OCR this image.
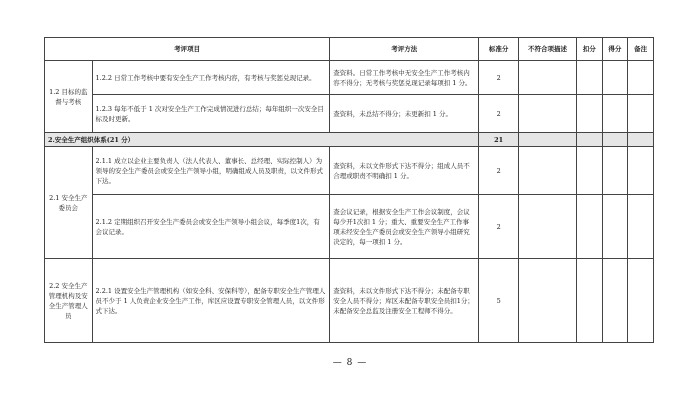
考评项目		考评方法	标准分	不符合项描述	扣分	得分	备注
1.2 目标的监督与考核	1.2.2 日常工作考核中要有安全生产工作考核内容，有考核与奖惩兑现记录。	查资料。日常工作考核中无安全生产工作考核内容不得分；无考核与奖惩兑现记录每项扣 1 分。	2				
	1.2.3 每年不低于 1 次对安全生产工作完成情况进行总结；每年组织一次安全目标及时更新。	查资料，未总结不得分；未更新扣 1 分。	2				
2.安全生产组织体系(21 分）			21				
2.1 安全生产委员会	2.1.1 成立以企业主要负责人（法人代表人、董事长、总经理、实际控制人）为领导的安全生产委员会或安全生产领导小组，明确组成人员及职责，以文件形式下达。	查资料，未以文件形式下达不得分；组成人员不合理或职责不明确扣 1 分。	2				
	2.1.2 定期组织召开安全生产委员会或安全生产领导小组会议，每季度1次，有会议记录。	查会议记录，根据安全生产工作会议制度，会议每少开1次扣 1 分；重大、重要安全生产工作事项未经安全生产委员会或安全生产领导小组研究决定的，每一项扣 1 分。	2				
2.2 安全生产管理机构及安全生产管理人员	2.2.1 设置安全生产管理机构（如安全科、安保科等），配备专职安全生产管理人员不少于 1 人负责企业安全生产工作，库区应设置专职安全管理人员，以文件形式下达。	查资料，未以文件形式下达不得分；未配备专职安全人员不得分；库区未配备专职安全员扣1分；未配备安全总监及注册安全工程师不得分。	5				
— 8 —
